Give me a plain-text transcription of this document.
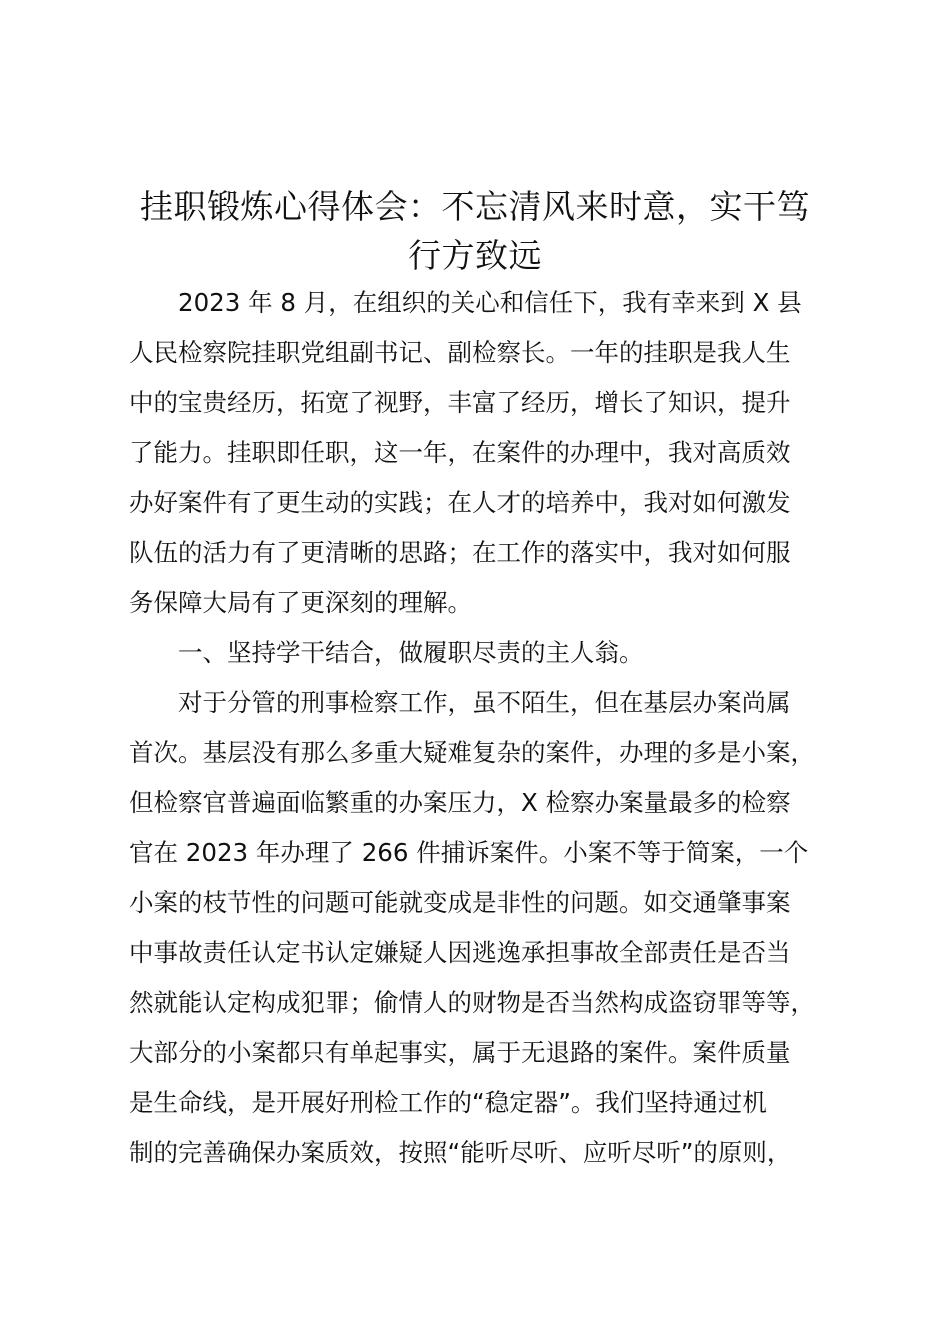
挂职锻炼心得体会：不忘清风来时意，实干笃
行方致远
2023 年 8 月，在组织的关心和信任下，我有幸来到 X 县
人民检察院挂职党组副书记、副检察长。一年的挂职是我人生
中的宝贵经历，拓宽了视野，丰富了经历，增长了知识，提升
了能力。挂职即任职，这一年，在案件的办理中，我对高质效
办好案件有了更生动的实践；在人才的培养中，我对如何激发
队伍的活力有了更清晰的思路；在工作的落实中，我对如何服
务保障大局有了更深刻的理解。
一、坚持学干结合，做履职尽责的主人翁。
对于分管的刑事检察工作，虽不陌生，但在基层办案尚属
首次。基层没有那么多重大疑难复杂的案件，办理的多是小案，
但检察官普遍面临繁重的办案压力，X 检察办案量最多的检察
官在 2023 年办理了 266 件捕诉案件。小案不等于简案，一个
小案的枝节性的问题可能就变成是非性的问题。如交通肇事案
中事故责任认定书认定嫌疑人因逃逸承担事故全部责任是否当
然就能认定构成犯罪；偷情人的财物是否当然构成盗窃罪等等，
大部分的小案都只有单起事实，属于无退路的案件。案件质量
是生命线，是开展好刑检工作的“稳定器”。我们坚持通过机
制的完善确保办案质效，按照“能听尽听、应听尽听”的原则，
